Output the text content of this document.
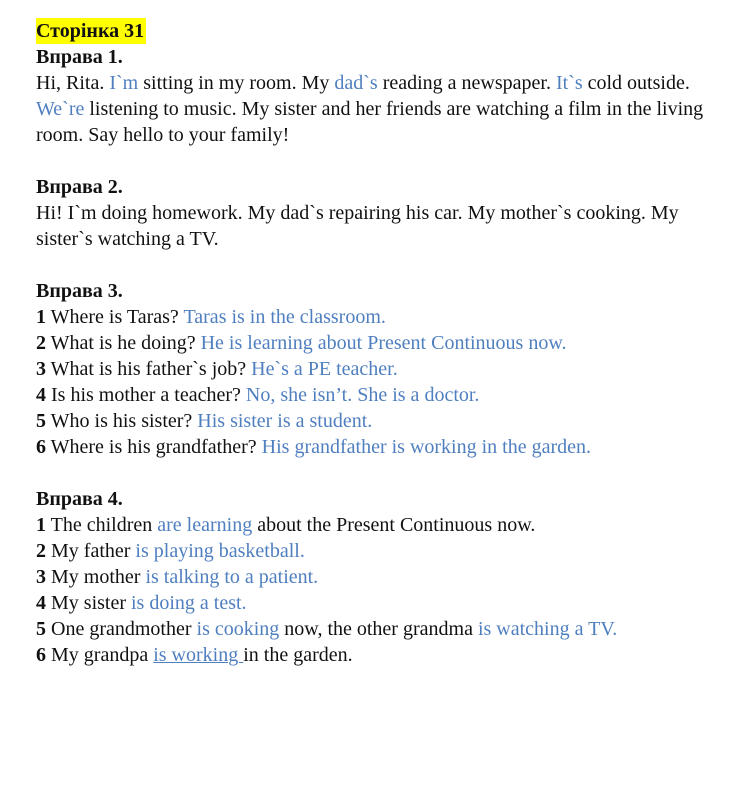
Сторінка 31
Вправа 1.

Hi, Rita. I`m sitting in my room. My dad`s reading a newspaper. It`s cold outside. We`re listening to music. My sister and her friends are watching a film in the living room. Say hello to your family!

Вправа 2.

Hi! I`m doing homework. My dad`s repairing his car. My mother`s cooking. My sister`s watching a TV.

Вправа 3.
1 Where is Taras? Taras is in the classroom.
2 What is he doing? He is learning about Present Continuous now.
3 What is his father`s job? He`s a PE teacher.
4 Is his mother a teacher? No, she isn’t. She is a doctor.
5 Who is his sister? His sister is a student.
6 Where is his grandfather? His grandfather is working in the garden.
Вправа 4.
1 The children are learning about the Present Continuous now.
2 My father is playing basketball.
3 My mother is talking to a patient.
4 My sister is doing a test.
5 One grandmother is cooking now, the other grandma is watching a TV.
6 My grandpa is working in the garden.
